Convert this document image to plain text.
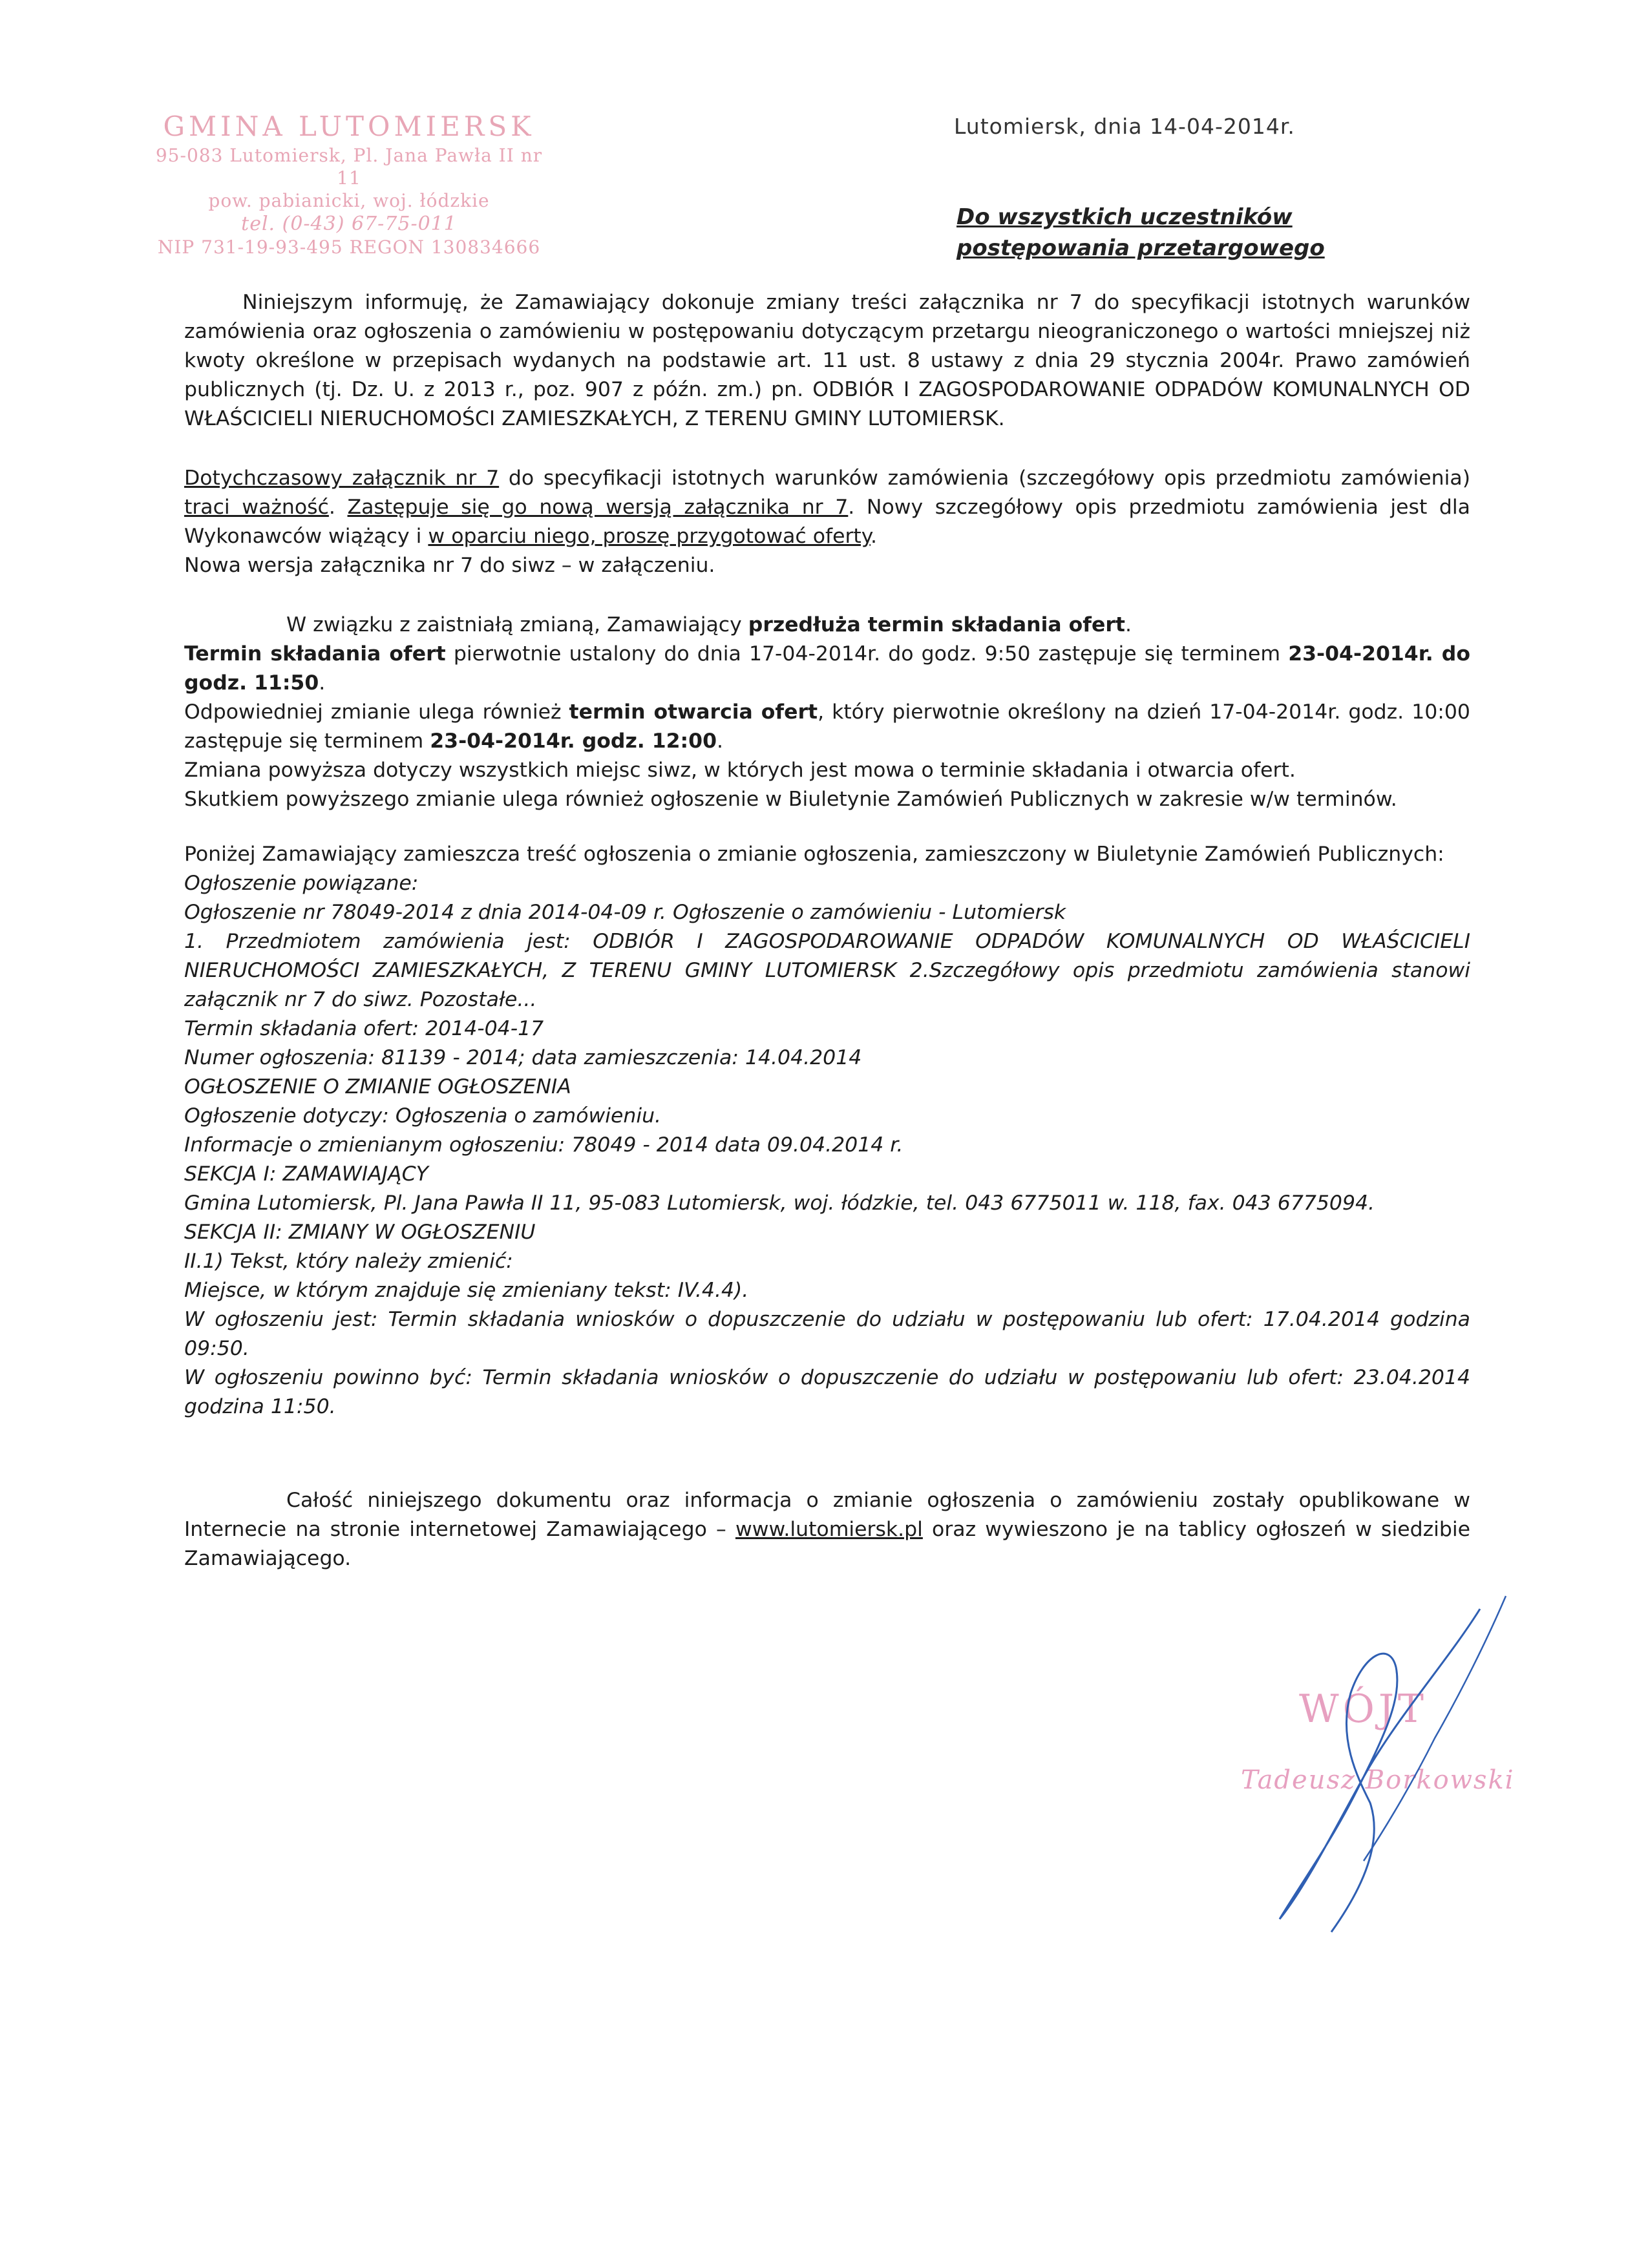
GMINA LUTOMIERSK
95-083 Lutomiersk, Pl. Jana Pawła II nr 11
pow. pabianicki, woj. łódzkie
tel. (0-43) 67-75-011
NIP 731-19-93-495 REGON 130834666
Lutomiersk, dnia 14-04-2014r.
Do wszystkich uczestników
postępowania przetargowego

Niniejszym informuję, że Zamawiający dokonuje zmiany treści załącznika nr 7 do specyfikacji istotnych warunków zamówienia oraz ogłoszenia o zamówieniu w postępowaniu dotyczącym przetargu nieograniczonego o wartości mniejszej niż kwoty określone w przepisach wydanych na podstawie art. 11 ust. 8 ustawy z dnia 29 stycznia 2004r. Prawo zamówień publicznych (tj. Dz. U. z 2013 r., poz. 907 z późn. zm.) pn. ODBIÓR I ZAGOSPODAROWANIE ODPADÓW KOMUNALNYCH OD WŁAŚCICIELI NIERUCHOMOŚCI ZAMIESZKAŁYCH, Z TERENU GMINY LUTOMIERSK.

Dotychczasowy załącznik nr 7 do specyfikacji istotnych warunków zamówienia (szczegółowy opis przedmiotu zamówienia) traci ważność. Zastępuje się go nową wersją załącznika nr 7. Nowy szczegółowy opis przedmiotu zamówienia jest dla Wykonawców wiążący i w oparciu niego, proszę przygotować oferty.

Nowa wersja załącznika nr 7 do siwz – w załączeniu.

W związku z zaistniałą zmianą, Zamawiający przedłuża termin składania ofert.

Termin składania ofert pierwotnie ustalony do dnia 17-04-2014r. do godz. 9:50 zastępuje się terminem 23-04-2014r. do godz. 11:50.

Odpowiedniej zmianie ulega również termin otwarcia ofert, który pierwotnie określony na dzień 17-04-2014r. godz. 10:00 zastępuje się terminem 23-04-2014r. godz. 12:00.

Zmiana powyższa dotyczy wszystkich miejsc siwz, w których jest mowa o terminie składania i otwarcia ofert.

Skutkiem powyższego zmianie ulega również ogłoszenie w Biuletynie Zamówień Publicznych w zakresie w/w terminów.

Poniżej Zamawiający zamieszcza treść ogłoszenia o zmianie ogłoszenia, zamieszczony w Biuletynie Zamówień Publicznych:

Ogłoszenie powiązane:

Ogłoszenie nr 78049-2014 z dnia 2014-04-09 r. Ogłoszenie o zamówieniu - Lutomiersk

1. Przedmiotem zamówienia jest: ODBIÓR I ZAGOSPODAROWANIE ODPADÓW KOMUNALNYCH OD WŁAŚCICIELI NIERUCHOMOŚCI ZAMIESZKAŁYCH, Z TERENU GMINY LUTOMIERSK 2.Szczegółowy opis przedmiotu zamówienia stanowi załącznik nr 7 do siwz. Pozostałe...

Termin składania ofert: 2014-04-17

Numer ogłoszenia: 81139 - 2014; data zamieszczenia: 14.04.2014

OGŁOSZENIE O ZMIANIE OGŁOSZENIA

Ogłoszenie dotyczy: Ogłoszenia o zamówieniu.

Informacje o zmienianym ogłoszeniu: 78049 - 2014 data 09.04.2014 r.

SEKCJA I: ZAMAWIAJĄCY

Gmina Lutomiersk, Pl. Jana Pawła II 11, 95-083 Lutomiersk, woj. łódzkie, tel. 043 6775011 w. 118, fax. 043 6775094.

SEKCJA II: ZMIANY W OGŁOSZENIU

II.1) Tekst, który należy zmienić:

Miejsce, w którym znajduje się zmieniany tekst: IV.4.4).

W ogłoszeniu jest: Termin składania wniosków o dopuszczenie do udziału w postępowaniu lub ofert: 17.04.2014 godzina 09:50.

W ogłoszeniu powinno być: Termin składania wniosków o dopuszczenie do udziału w postępowaniu lub ofert: 23.04.2014 godzina 11:50.

Całość niniejszego dokumentu oraz informacja o zmianie ogłoszenia o zamówieniu zostały opublikowane w Internecie na stronie internetowej Zamawiającego – www.lutomiersk.pl oraz wywieszono je na tablicy ogłoszeń w siedzibie Zamawiającego.

WÓJT
Tadeusz Borkowski
